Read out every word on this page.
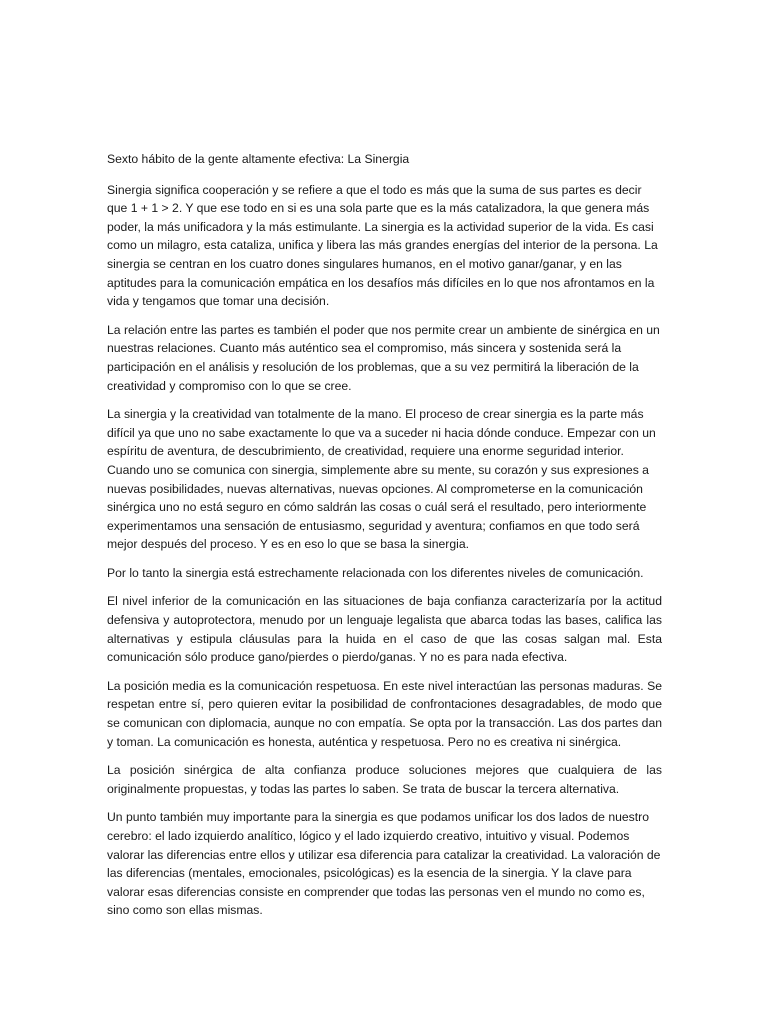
Sexto hábito de la gente altamente efectiva: La Sinergia

Sinergia significa cooperación y se refiere a que el todo es más que la suma de sus partes es decir que 1 + 1 > 2. Y que ese todo en si es una sola parte que es la más catalizadora, la que genera más poder, la más unificadora y la más estimulante. La sinergia es la actividad superior de la vida. Es casi como un milagro, esta cataliza, unifica y libera las más grandes energías del interior de la persona. La sinergia se centran en los cuatro dones singulares humanos, en el motivo ganar/ganar, y en las aptitudes para la comunicación empática en los desafíos más difíciles en lo que nos afrontamos en la vida y tengamos que tomar una decisión.

La relación entre las partes es también el poder que nos permite crear un ambiente de sinérgica en un nuestras relaciones. Cuanto más auténtico sea el compromiso, más sincera y sostenida será la participación en el análisis y resolución de los problemas, que a su vez permitirá la liberación de la creatividad y compromiso con lo que se cree.

La sinergia y la creatividad van totalmente de la mano. El proceso de crear sinergia es la parte más difícil ya que uno no sabe exactamente lo que va a suceder ni hacia dónde conduce. Empezar con un espíritu de aventura, de descubrimiento, de creatividad, requiere una enorme seguridad interior. Cuando uno se comunica con sinergia, simplemente abre su mente, su corazón y sus expresiones a nuevas posibilidades, nuevas alternativas, nuevas opciones. Al comprometerse en la comunicación sinérgica uno no está seguro en cómo saldrán las cosas o cuál será el resultado, pero interiormente experimentamos una sensación de entusiasmo, seguridad y aventura; confiamos en que todo será mejor después del proceso. Y es en eso lo que se basa la sinergia.

Por lo tanto la sinergia está estrechamente relacionada con los diferentes niveles de comunicación.

El nivel inferior de la comunicación en las situaciones de baja confianza caracterizaría por la actitud defensiva y autoprotectora, menudo por un lenguaje legalista que abarca todas las bases, califica las alternativas y estipula cláusulas para la huida en el caso de que las cosas salgan mal. Esta comunicación sólo produce gano/pierdes o pierdo/ganas. Y no es para nada efectiva.

La posición media es la comunicación respetuosa. En este nivel interactúan las personas maduras. Se respetan entre sí, pero quieren evitar la posibilidad de confrontaciones desagradables, de modo que se comunican con diplomacia, aunque no con empatía. Se opta por la transacción. Las dos partes dan y toman. La comunicación es honesta, auténtica y respetuosa. Pero no es creativa ni sinérgica.

La posición sinérgica de alta confianza produce soluciones mejores que cualquiera de las originalmente propuestas, y todas las partes lo saben. Se trata de buscar la tercera alternativa.

Un punto también muy importante para la sinergia es que podamos unificar los dos lados de nuestro cerebro: el lado izquierdo analítico, lógico y el lado izquierdo creativo, intuitivo y visual. Podemos valorar las diferencias entre ellos y utilizar esa diferencia para catalizar la creatividad. La valoración de las diferencias (mentales, emocionales, psicológicas) es la esencia de la sinergia. Y la clave para valorar esas diferencias consiste en comprender que todas las personas ven el mundo no como es, sino como son ellas mismas.
